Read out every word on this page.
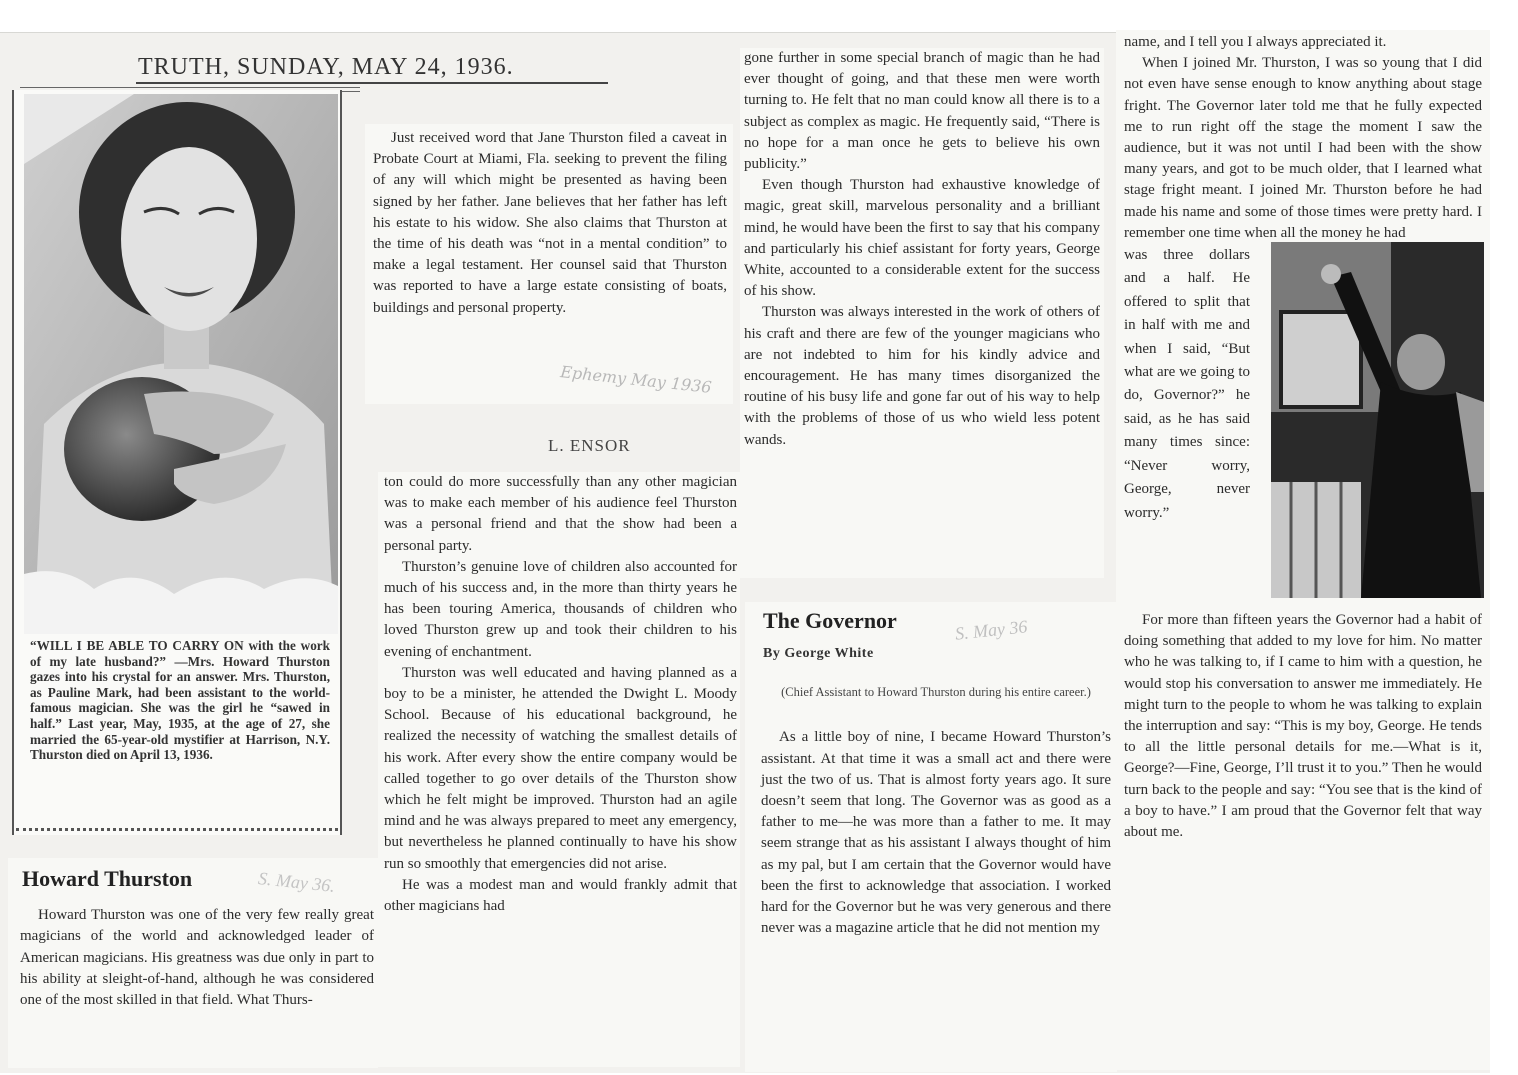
TRUTH, SUNDAY, MAY 24, 1936.
“WILL I BE ABLE TO CARRY ON with the work of my late husband?” —Mrs. Howard Thurston gazes into his crystal for an answer. Mrs. Thurston, as Pauline Mark, had been assistant to the world-famous magician. She was the girl he “sawed in half.” Last year, May, 1935, at the age of 27, she married the 65-year-old mystifier at Harrison, N.Y. Thurston died on April 13, 1936.

Just received word that Jane Thurston filed a caveat in Probate Court at Miami, Fla. seeking to prevent the filing of any will which might be presented as having been signed by her father. Jane believes that her father has left his estate to his widow. She also claims that Thurston at the time of his death was “not in a mental condition” to make a legal testament. Her counsel said that Thurston was reported to have a large estate consisting of boats, buildings and personal property.

Ephemy May 1936
L. ENSOR

ton could do more successfully than any other magician was to make each member of his audience feel Thurston was a personal friend and that the show had been a personal party.

Thurston’s genuine love of children also accounted for much of his success and, in the more than thirty years he has been touring America, thousands of children who loved Thurston grew up and took their children to his evening of enchantment.

Thurston was well educated and having planned as a boy to be a minister, he attended the Dwight L. Moody School. Because of his educational background, he realized the necessity of watching the smallest details of his work. After every show the entire company would be called together to go over details of the Thurston show which he felt might be improved. Thurston had an agile mind and he was always prepared to meet any emergency, but nevertheless he planned continually to have his show run so smoothly that emergencies did not arise.

He was a modest man and would frankly admit that other magicians had

gone further in some special branch of magic than he had ever thought of going, and that these men were worth turning to. He felt that no man could know all there is to a subject as complex as magic. He frequently said, “There is no hope for a man once he gets to believe his own publicity.”

Even though Thurston had exhaustive knowledge of magic, great skill, marvelous personality and a brilliant mind, he would have been the first to say that his company and particularly his chief assistant for forty years, George White, accounted to a considerable extent for the success of his show.

Thurston was always interested in the work of others of his craft and there are few of the younger magicians who are not indebted to him for his kindly advice and encouragement. He has many times disorganized the routine of his busy life and gone far out of his way to help with the problems of those of us who wield less potent wands.

The Governor	S. May 36
By George White
(Chief Assistant to Howard Thurston during his entire career.)

As a little boy of nine, I became Howard Thurston’s assistant. At that time it was a small act and there were just the two of us. That is almost forty years ago. It sure doesn’t seem that long. The Governor was as good as a father to me—he was more than a father to me. It may seem strange that as his assistant I always thought of him as my pal, but I am certain that the Governor would have been the first to acknowledge that association. I worked hard for the Governor but he was very generous and there never was a magazine article that he did not mention my

Howard Thurston	S. May 36.

Howard Thurston was one of the very few really great magicians of the world and acknowledged leader of American magicians. His greatness was due only in part to his ability at sleight-of-hand, although he was considered one of the most skilled in that field. What Thurs-

name, and I tell you I always appreciated it.

When I joined Mr. Thurston, I was so young that I did not even have sense enough to know anything about stage fright. The Governor later told me that he fully expected me to run right off the stage the moment I saw the audience, but it was not until I had been with the show many years, and got to be much older, that I learned what stage fright meant. I joined Mr. Thurston before he had made his name and some of those times were pretty hard. I remember one time when all the money he had

was three dollars and a half. He offered to split that in half with me and when I said, “But what are we going to do, Governor?” he said, as he has said many times since: “Never worry, George, never worry.”

For more than fifteen years the Governor had a habit of doing something that added to my love for him. No matter who he was talking to, if I came to him with a question, he would stop his conversation to answer me immediately. He might turn to the people to whom he was talking to explain the interruption and say: “This is my boy, George. He tends to all the little personal details for me.—What is it, George?—Fine, George, I’ll trust it to you.” Then he would turn back to the people and say: “You see that is the kind of a boy to have.” I am proud that the Governor felt that way about me.
